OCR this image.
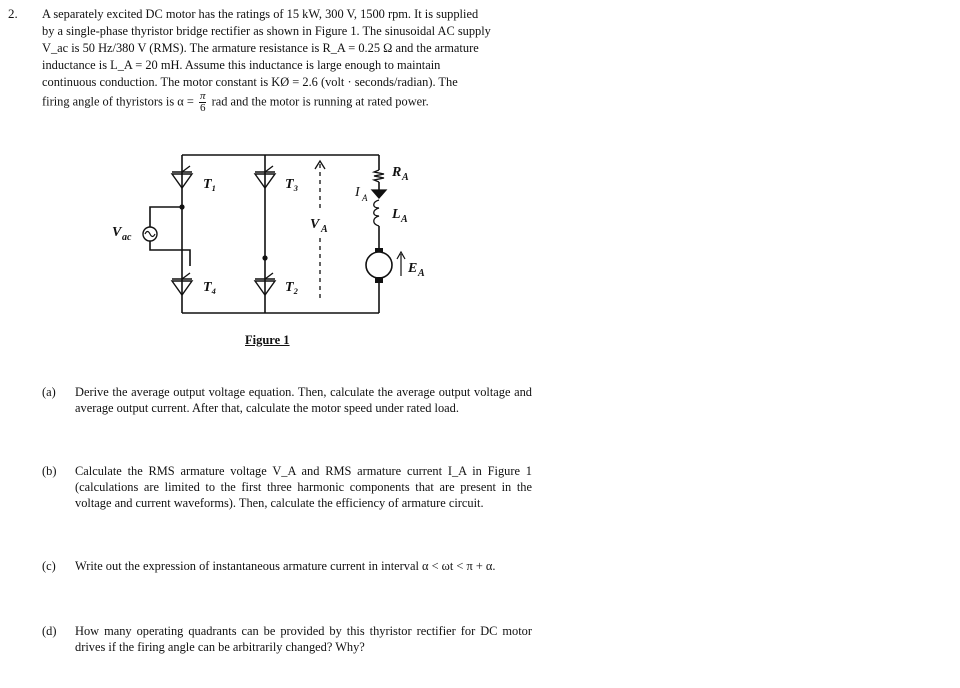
2. A separately excited DC motor has the ratings of 15 kW, 300 V, 1500 rpm. It is supplied

by a single-phase thyristor bridge rectifier as shown in Figure 1. The sinusoidal AC supply

V_ac is 50 Hz/380 V (RMS). The armature resistance is R_A = 0.25 Ω and the armature

inductance is L_A = 20 mH. Assume this inductance is large enough to maintain

continuous conduction. The motor constant is KØ = 2.6 (volt · seconds/radian). The

firing angle of thyristors is $\alpha = \frac{\pi}{6}$ rad and the motor is running at rated power.

T₁	T₃
T₄	T₂
V ac
V A
I A
R A
L A
E A
Figure 1
(a) Derive the average output voltage equation. Then, calculate the average output voltage and average output current. After that, calculate the motor speed under rated load.
(b) Calculate the RMS armature voltage V_A and RMS armature current I_A in Figure 1 (calculations are limited to the first three harmonic components that are present in the voltage and current waveforms). Then, calculate the efficiency of armature circuit.
(c) Write out the expression of instantaneous armature current in interval α < ωt < π + α.
(d) How many operating quadrants can be provided by this thyristor rectifier for DC motor drives if the firing angle can be arbitrarily changed? Why?
